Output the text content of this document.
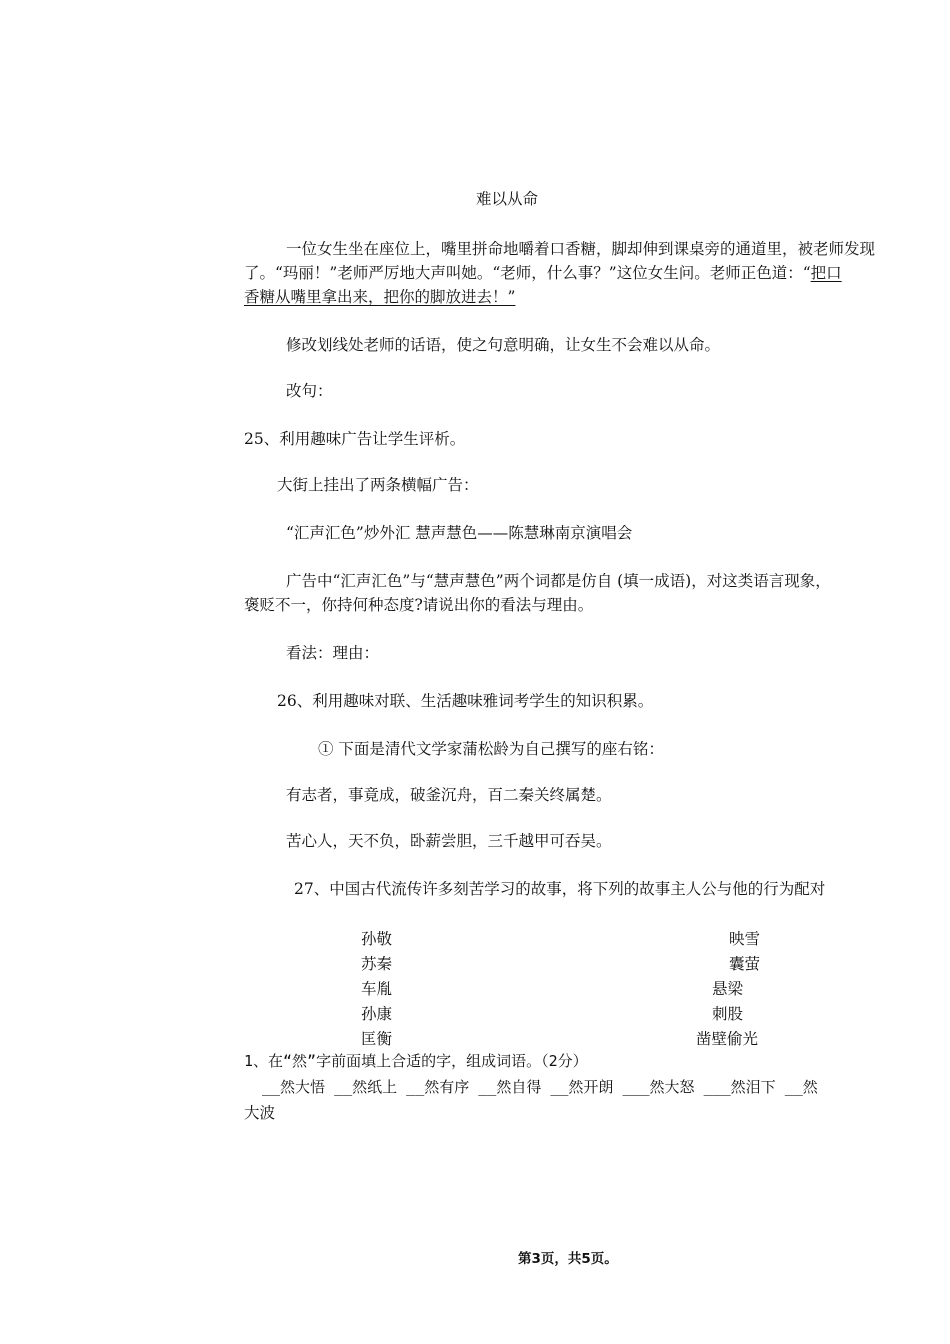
难以从命
一位女生坐在座位上，嘴里拼命地嚼着口香糖，脚却伸到课桌旁的通道里，被老师发现
了。“玛丽！”老师严厉地大声叫她。“老师，什么事？”这位女生问。老师正色道：“把口
香糖从嘴里拿出来，把你的脚放进去！”
修改划线处老师的话语，使之句意明确，让女生不会难以从命。
改句：
25、利用趣味广告让学生评析。
大街上挂出了两条横幅广告：
“汇声汇色”炒外汇 慧声慧色——陈慧琳南京演唱会
广告中“汇声汇色”与“慧声慧色”两个词都是仿自 (填一成语)，对这类语言现象，
褒贬不一，你持何种态度?请说出你的看法与理由。
看法：理由：
26、利用趣味对联、生活趣味雅词考学生的知识积累。
① 下面是清代文学家蒲松龄为自己撰写的座右铭：
有志者，事竟成，破釜沉舟，百二秦关终属楚。
苦心人，天不负，卧薪尝胆，三千越甲可吞吴。
27、中国古代流传许多刻苦学习的故事，将下列的故事主人公与他的行为配对
孙敬
苏秦
车胤
孙康
匡衡
映雪
囊萤
悬梁
刺股
凿壁偷光
1、在“然”字前面填上合适的字，组成词语。（2分）
__然大悟 __然纸上 __然有序 __然自得 __然开朗 ___然大怒 ___然泪下 __然
大波
第3页，共5页。
